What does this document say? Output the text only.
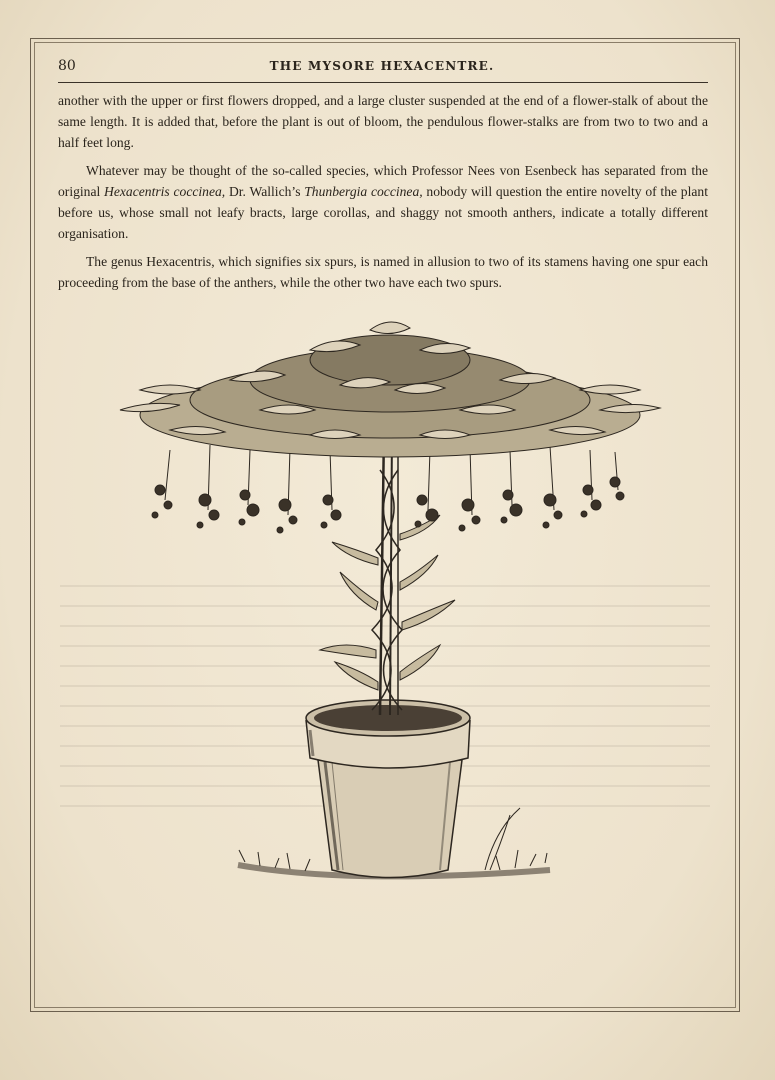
80	THE MYSORE HEXACENTRE.

another with the upper or first flowers dropped, and a large cluster suspended at the end of a flower-stalk of about the same length. It is added that, before the plant is out of bloom, the pendulous flower-stalks are from two to two and a half feet long.

Whatever may be thought of the so-called species, which Professor Nees von Esenbeck has separated from the original Hexacentris coccinea, Dr. Wallich’s Thunbergia coccinea, nobody will question the entire novelty of the plant before us, whose small not leafy bracts, large corollas, and shaggy not smooth anthers, indicate a totally different organisation.

The genus Hexacentris, which signifies six spurs, is named in allusion to two of its stamens having one spur each proceeding from the base of the anthers, while the other two have each two spurs.
